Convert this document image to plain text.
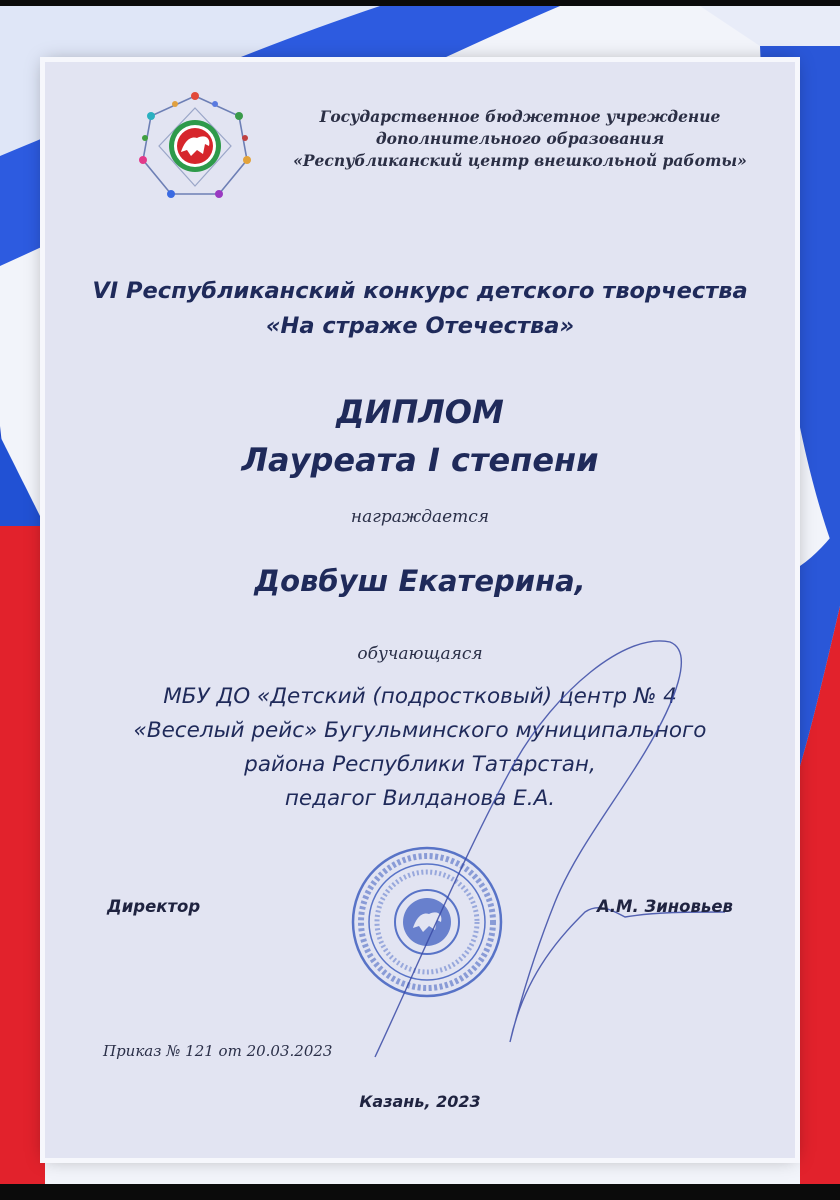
Государственное бюджетное учреждение
дополнительного образования
«Республиканский центр внешкольной работы»

VI Республиканский конкурс детского творчества
«На страже Отечества»

ДИПЛОМ
Лауреата I степени

награждается

Довбуш Екатерина,

обучающаяся

МБУ ДО «Детский (подростковый) центр № 4
«Веселый рейс» Бугульминского муниципального
района Республики Татарстан,
педагог Вилданова Е.А.

Директор	А.М. Зиновьев

Приказ № 121 от 20.03.2023

Казань, 2023
